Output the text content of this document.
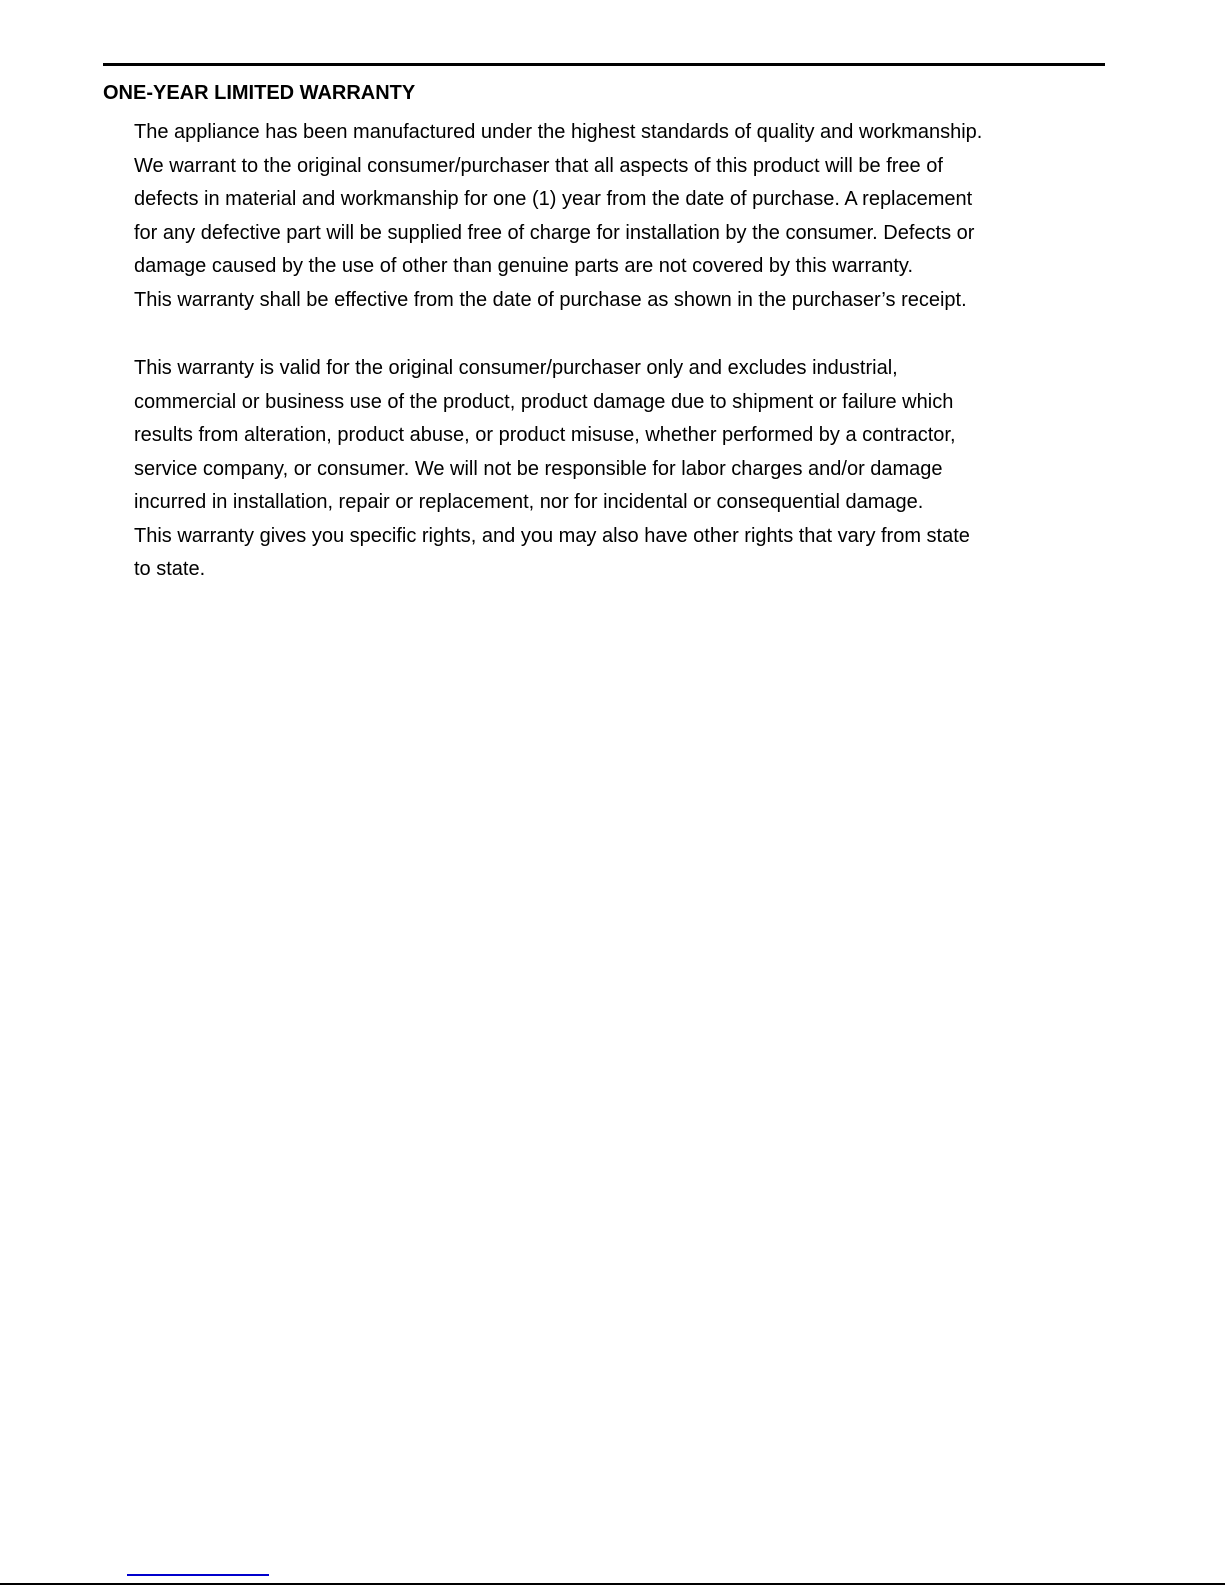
ONE-YEAR LIMITED WARRANTY
The appliance has been manufactured under the highest standards of quality and workmanship.
We warrant to the original consumer/purchaser that all aspects of this product will be free of
defects in material and workmanship for one (1) year from the date of purchase. A replacement
for any defective part will be supplied free of charge for installation by the consumer. Defects or
damage caused by the use of other than genuine parts are not covered by this warranty.
This warranty shall be effective from the date of purchase as shown in the purchaser’s receipt.
This warranty is valid for the original consumer/purchaser only and excludes industrial,
commercial or business use of the product, product damage due to shipment or failure which
results from alteration, product abuse, or product misuse, whether performed by a contractor,
service company, or consumer. We will not be responsible for labor charges and/or damage
incurred in installation, repair or replacement, nor for incidental or consequential damage.
This warranty gives you specific rights, and you may also have other rights that vary from state
to state.
